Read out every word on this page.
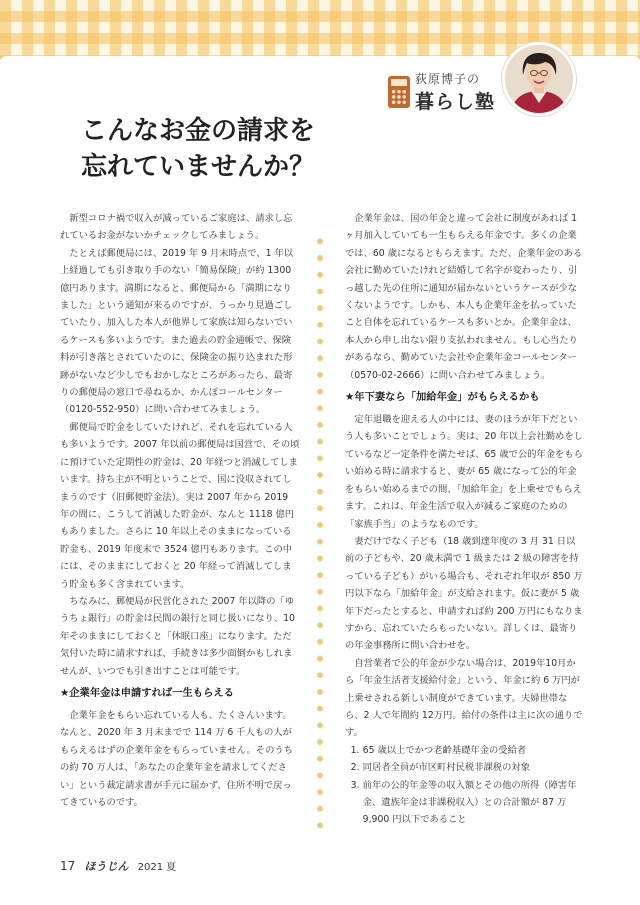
荻原博子の
暮らし塾
こんなお金の請求を
忘れていませんか？

新型コロナ禍で収入が減っているご家庭は、請求し忘れているお金がないかチェックしてみましょう。

たとえば郵便局には、2019 年 9 月末時点で、1 年以上経過しても引き取り手のない「簡易保険」が約 1300 億円あります。満期になると、郵便局から「満期になりました」という通知が来るのですが、うっかり見過ごしていたり、加入した本人が他界して家族は知らないでいるケースも多いようです。また過去の貯金通帳で、保険料が引き落とされていたのに、保険金の振り込まれた形跡がないなど少しでもおかしなところがあったら、最寄りの郵便局の窓口で尋ねるか、かんぽコールセンター（0120-552-950）に問い合わせてみましょう。

郵便局で貯金をしていたけれど、それを忘れている人も多いようです。2007 年以前の郵便局は国営で、その頃に預けていた定期性の貯金は、20 年経つと消滅してしまいます。持ち主が不明ということで、国に没収されてしまうのです（旧郵便貯金法）。実は 2007 年から 2019 年の間に、こうして消滅した貯金が、なんと 1118 億円もありました。さらに 10 年以上そのままになっている貯金も、2019 年度末で 3524 億円もあります。この中には、そのままにしておくと 20 年経って消滅してしまう貯金も多く含まれています。

ちなみに、郵便局が民営化された 2007 年以降の「ゆうちょ銀行」の貯金は民間の銀行と同じ扱いになり、10 年そのままにしておくと「休眠口座」になります。ただ気付いた時に請求すれば、手続きは多少面倒かもしれませんが、いつでも引き出すことは可能です。

★企業年金は申請すれば一生もらえる

企業年金をもらい忘れている人も、たくさんいます。なんと、2020 年 3 月末までで 114 万 6 千人もの人がもらえるはずの企業年金をもらっていません。そのうちの約 70 万人は、「あなたの企業年金を請求してください」という裁定請求書が手元に届かず、住所不明で戻ってきているのです。

企業年金は、国の年金と違って会社に制度があれば 1ヶ月加入していても一生もらえる年金です。多くの企業では、60 歳になるともらえます。ただ、企業年金のある会社に勤めていたけれど結婚して名字が変わったり、引っ越した先の住所に通知が届かないというケースが少なくないようです。しかも、本人も企業年金を払っていたこと自体を忘れているケースも多いとか。企業年金は、本人から申し出ない限り支払われません。もし心当たりがあるなら、勤めていた会社や企業年金コールセンター（0570-02-2666）に問い合わせてみましょう。

★年下妻なら「加給年金」がもらえるかも

定年退職を迎える人の中には、妻のほうが年下だという人も多いことでしょう。実は、20 年以上会社勤めをしているなど一定条件を満たせば、65 歳で公的年金をもらい始める時に請求すると、妻が 65 歳になって公的年金をもらい始めるまでの間、「加給年金」を上乗せでもらえます。これは、年金生活で収入が減るご家庭のための「家族手当」のようなものです。

妻だけでなく子ども（18 歳到達年度の 3 月 31 日以前の子どもや、20 歳未満で 1 級または 2 級の障害を持っている子ども）がいる場合も、それぞれ年収が 850 万円以下なら「加給年金」が支給されます。仮に妻が 5 歳年下だったとすると、申請すれば約 200 万円にもなりますから、忘れていたらもったいない。詳しくは、最寄りの年金事務所に問い合わせを。

自営業者で公的年金が少ない場合は、2019年10月から「年金生活者支援給付金」という、年金に約 6 万円が上乗せされる新しい制度ができています。夫婦世帯なら、2 人で年間約 12万円。給付の条件は主に次の通りです。

1. 65 歳以上でかつ老齢基礎年金の受給者

2. 同居者全員が市区町村民税非課税の対象

3. 前年の公的年金等の収入額とその他の所得（障害年金、遺族年金は非課税収入）との合計額が 87 万 9,900 円以下であること

17 ほうじん 2021 夏
